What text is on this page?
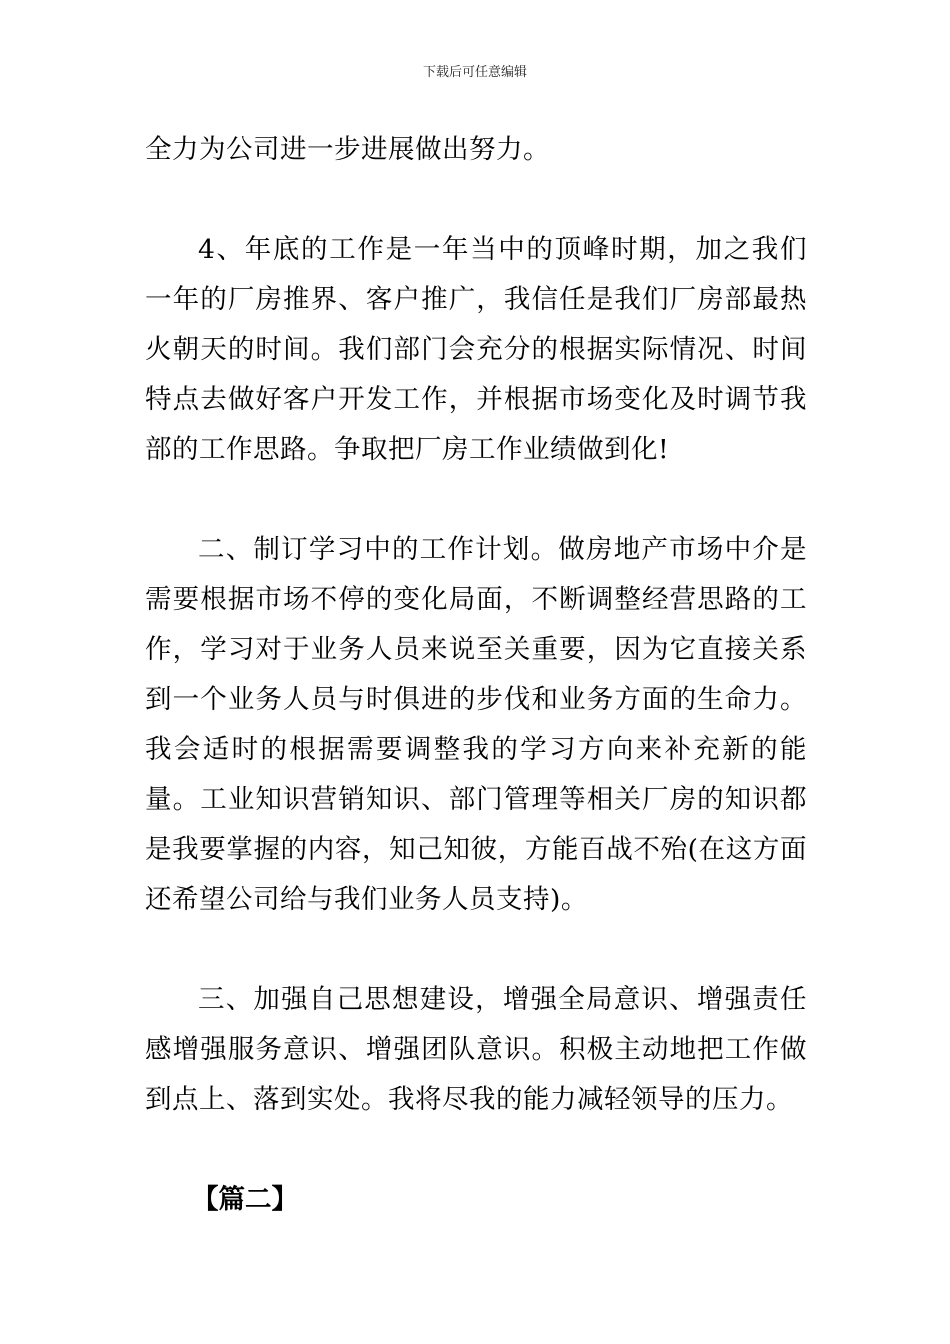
下载后可任意编辑

全力为公司进一步进展做出努力。

4、年底的工作是一年当中的顶峰时期，加之我们一年的厂房推界、客户推广，我信任是我们厂房部最热火朝天的时间。我们部门会充分的根据实际情况、时间特点去做好客户开发工作，并根据市场变化及时调节我部的工作思路。争取把厂房工作业绩做到化!

二、制订学习中的工作计划。做房地产市场中介是需要根据市场不停的变化局面，不断调整经营思路的工作，学习对于业务人员来说至关重要，因为它直接关系到一个业务人员与时俱进的步伐和业务方面的生命力。我会适时的根据需要调整我的学习方向来补充新的能量。工业知识营销知识、部门管理等相关厂房的知识都是我要掌握的内容，知己知彼，方能百战不殆(在这方面还希望公司给与我们业务人员支持)。

三、加强自己思想建设，增强全局意识、增强责任感增强服务意识、增强团队意识。积极主动地把工作做到点上、落到实处。我将尽我的能力减轻领导的压力。

【篇二】
